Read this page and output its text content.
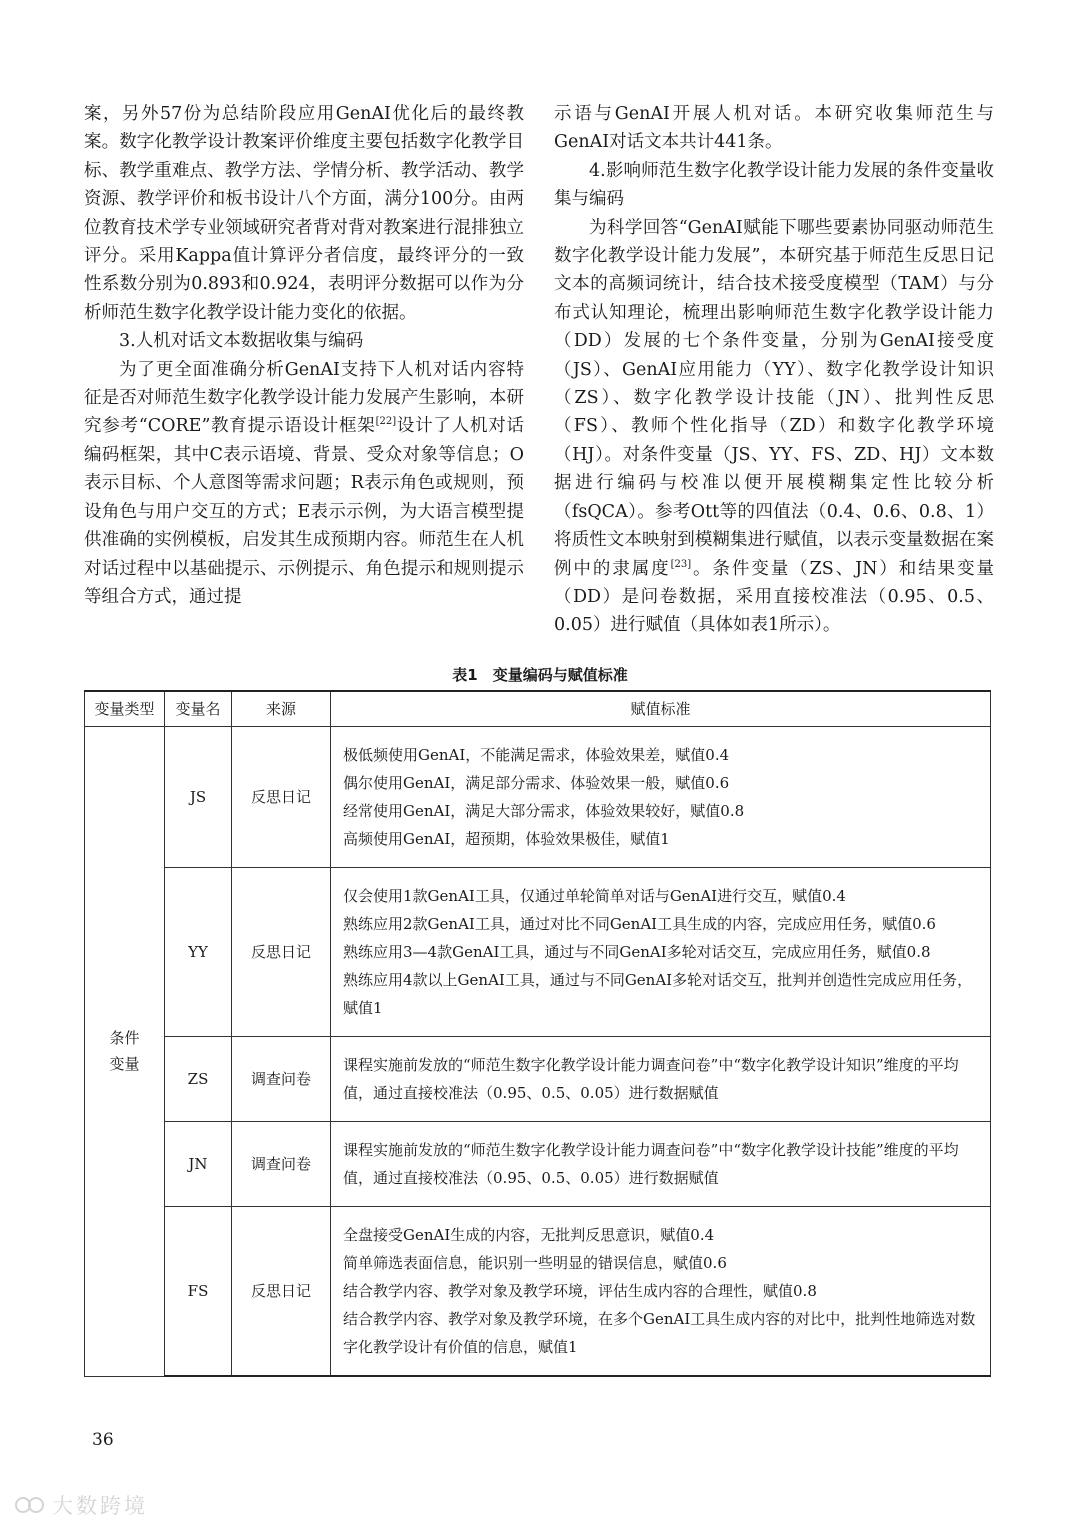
案，另外57份为总结阶段应用GenAI优化后的最终教案。数字化教学设计教案评价维度主要包括数字化教学目标、教学重难点、教学方法、学情分析、教学活动、教学资源、教学评价和板书设计八个方面，满分100分。由两位教育技术学专业领域研究者背对背对教案进行混排独立评分。采用Kappa值计算评分者信度，最终评分的一致性系数分别为0.893和0.924，表明评分数据可以作为分析师范生数字化教学设计能力变化的依据。

3.人机对话文本数据收集与编码

为了更全面准确分析GenAI支持下人机对话内容特征是否对师范生数字化教学设计能力发展产生影响，本研究参考“CORE”教育提示语设计框架[22]设计了人机对话编码框架，其中C表示语境、背景、受众对象等信息；O表示目标、个人意图等需求问题；R表示角色或规则，预设角色与用户交互的方式；E表示示例，为大语言模型提供准确的实例模板，启发其生成预期内容。师范生在人机对话过程中以基础提示、示例提示、角色提示和规则提示等组合方式，通过提

示语与GenAI开展人机对话。本研究收集师范生与GenAI对话文本共计441条。

4.影响师范生数字化教学设计能力发展的条件变量收集与编码

为科学回答“GenAI赋能下哪些要素协同驱动师范生数字化教学设计能力发展”，本研究基于师范生反思日记文本的高频词统计，结合技术接受度模型（TAM）与分布式认知理论，梳理出影响师范生数字化教学设计能力（DD）发展的七个条件变量，分别为GenAI接受度（JS）、GenAI应用能力（YY）、数字化教学设计知识（ZS）、数字化教学设计技能（JN）、批判性反思（FS）、教师个性化指导（ZD）和数字化教学环境（HJ）。对条件变量（JS、YY、FS、ZD、HJ）文本数据进行编码与校准以便开展模糊集定性比较分析（fsQCA）。参考Ott等的四值法（0.4、0.6、0.8、1）将质性文本映射到模糊集进行赋值，以表示变量数据在案例中的隶属度[23]。条件变量（ZS、JN）和结果变量（DD）是问卷数据，采用直接校准法（0.95、0.5、0.05）进行赋值（具体如表1所示）。

表1　变量编码与赋值标准
变量类型	变量名	来源	赋值标准
条件
变量	JS	反思日记	极低频使用GenAI，不能满足需求，体验效果差，赋值0.4
偶尔使用GenAI，满足部分需求、体验效果一般，赋值0.6
经常使用GenAI，满足大部分需求，体验效果较好，赋值0.8
高频使用GenAI，超预期，体验效果极佳，赋值1

	YY	反思日记	仅会使用1款GenAI工具，仅通过单轮简单对话与GenAI进行交互，赋值0.4
熟练应用2款GenAI工具，通过对比不同GenAI工具生成的内容，完成应用任务，赋值0.6
熟练应用3—4款GenAI工具，通过与不同GenAI多轮对话交互，完成应用任务，赋值0.8
熟练应用4款以上GenAI工具，通过与不同GenAI多轮对话交互，批判并创造性完成应用任务，赋值1

	ZS	调查问卷	课程实施前发放的“师范生数字化教学设计能力调查问卷”中“数字化教学设计知识”维度的平均值，通过直接校准法（0.95、0.5、0.05）进行数据赋值

	JN	调查问卷	课程实施前发放的“师范生数字化教学设计能力调查问卷”中“数字化教学设计技能”维度的平均值，通过直接校准法（0.95、0.5、0.05）进行数据赋值

	FS	反思日记	全盘接受GenAI生成的内容，无批判反思意识，赋值0.4
简单筛选表面信息，能识别一些明显的错误信息，赋值0.6
结合教学内容、教学对象及教学环境，评估生成内容的合理性，赋值0.8
结合教学内容、教学对象及教学环境，在多个GenAI工具生成内容的对比中，批判性地筛选对数字化教学设计有价值的信息，赋值1
36
大数跨境
